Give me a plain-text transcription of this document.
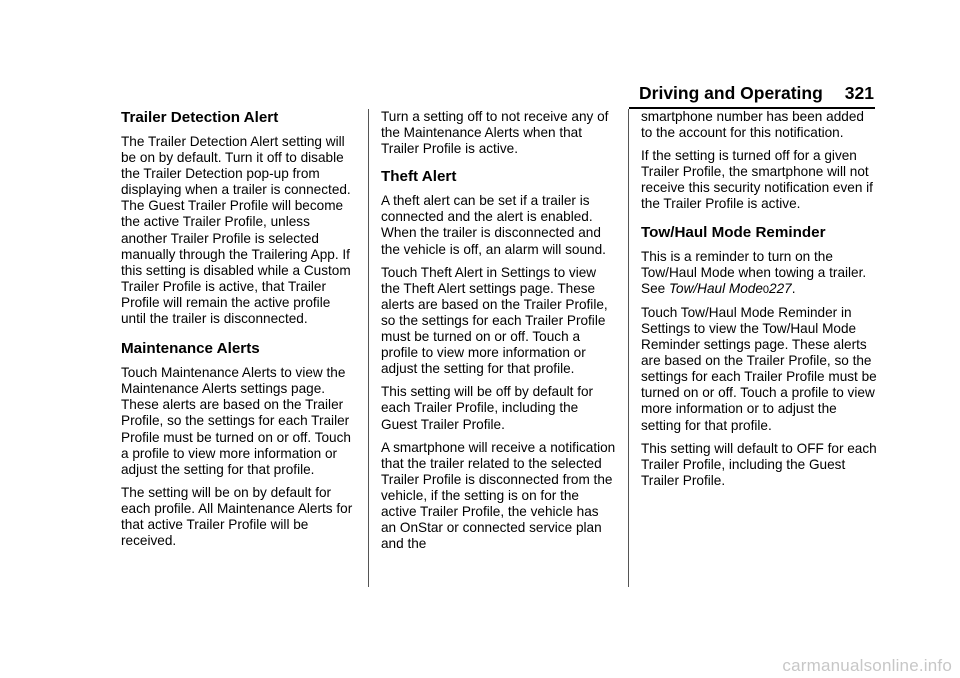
Driving and Operating 321
Trailer Detection Alert

The Trailer Detection Alert setting will be on by default. Turn it off to disable the Trailer Detection pop-up from displaying when a trailer is connected. The Guest Trailer Profile will become the active Trailer Profile, unless another Trailer Profile is selected manually through the Trailering App. If this setting is disabled while a Custom Trailer Profile is active, that Trailer Profile will remain the active profile until the trailer is disconnected.

Maintenance Alerts

Touch Maintenance Alerts to view the Maintenance Alerts settings page. These alerts are based on the Trailer Profile, so the settings for each Trailer Profile must be turned on or off. Touch a profile to view more information or adjust the setting for that profile.

The setting will be on by default for each profile. All Maintenance Alerts for that active Trailer Profile will be received.

Turn a setting off to not receive any of the Maintenance Alerts when that Trailer Profile is active.

Theft Alert

A theft alert can be set if a trailer is connected and the alert is enabled. When the trailer is disconnected and the vehicle is off, an alarm will sound.

Touch Theft Alert in Settings to view the Theft Alert settings page. These alerts are based on the Trailer Profile, so the settings for each Trailer Profile must be turned on or off. Touch a profile to view more information or adjust the setting for that profile.

This setting will be off by default for each Trailer Profile, including the Guest Trailer Profile.

A smartphone will receive a notification that the trailer related to the selected Trailer Profile is disconnected from the vehicle, if the setting is on for the active Trailer Profile, the vehicle has an OnStar or connected service plan and the

smartphone number has been added to the account for this notification.

If the setting is turned off for a given Trailer Profile, the smartphone will not receive this security notification even if the Trailer Profile is active.

Tow/Haul Mode Reminder

This is a reminder to turn on the Tow/Haul Mode when towing a trailer. See Tow/Haul Mode0227.

Touch Tow/Haul Mode Reminder in Settings to view the Tow/Haul Mode Reminder settings page. These alerts are based on the Trailer Profile, so the settings for each Trailer Profile must be turned on or off. Touch a profile to view more information or to adjust the setting for that profile.

This setting will default to OFF for each Trailer Profile, including the Guest Trailer Profile.

carmanualsonline.info
